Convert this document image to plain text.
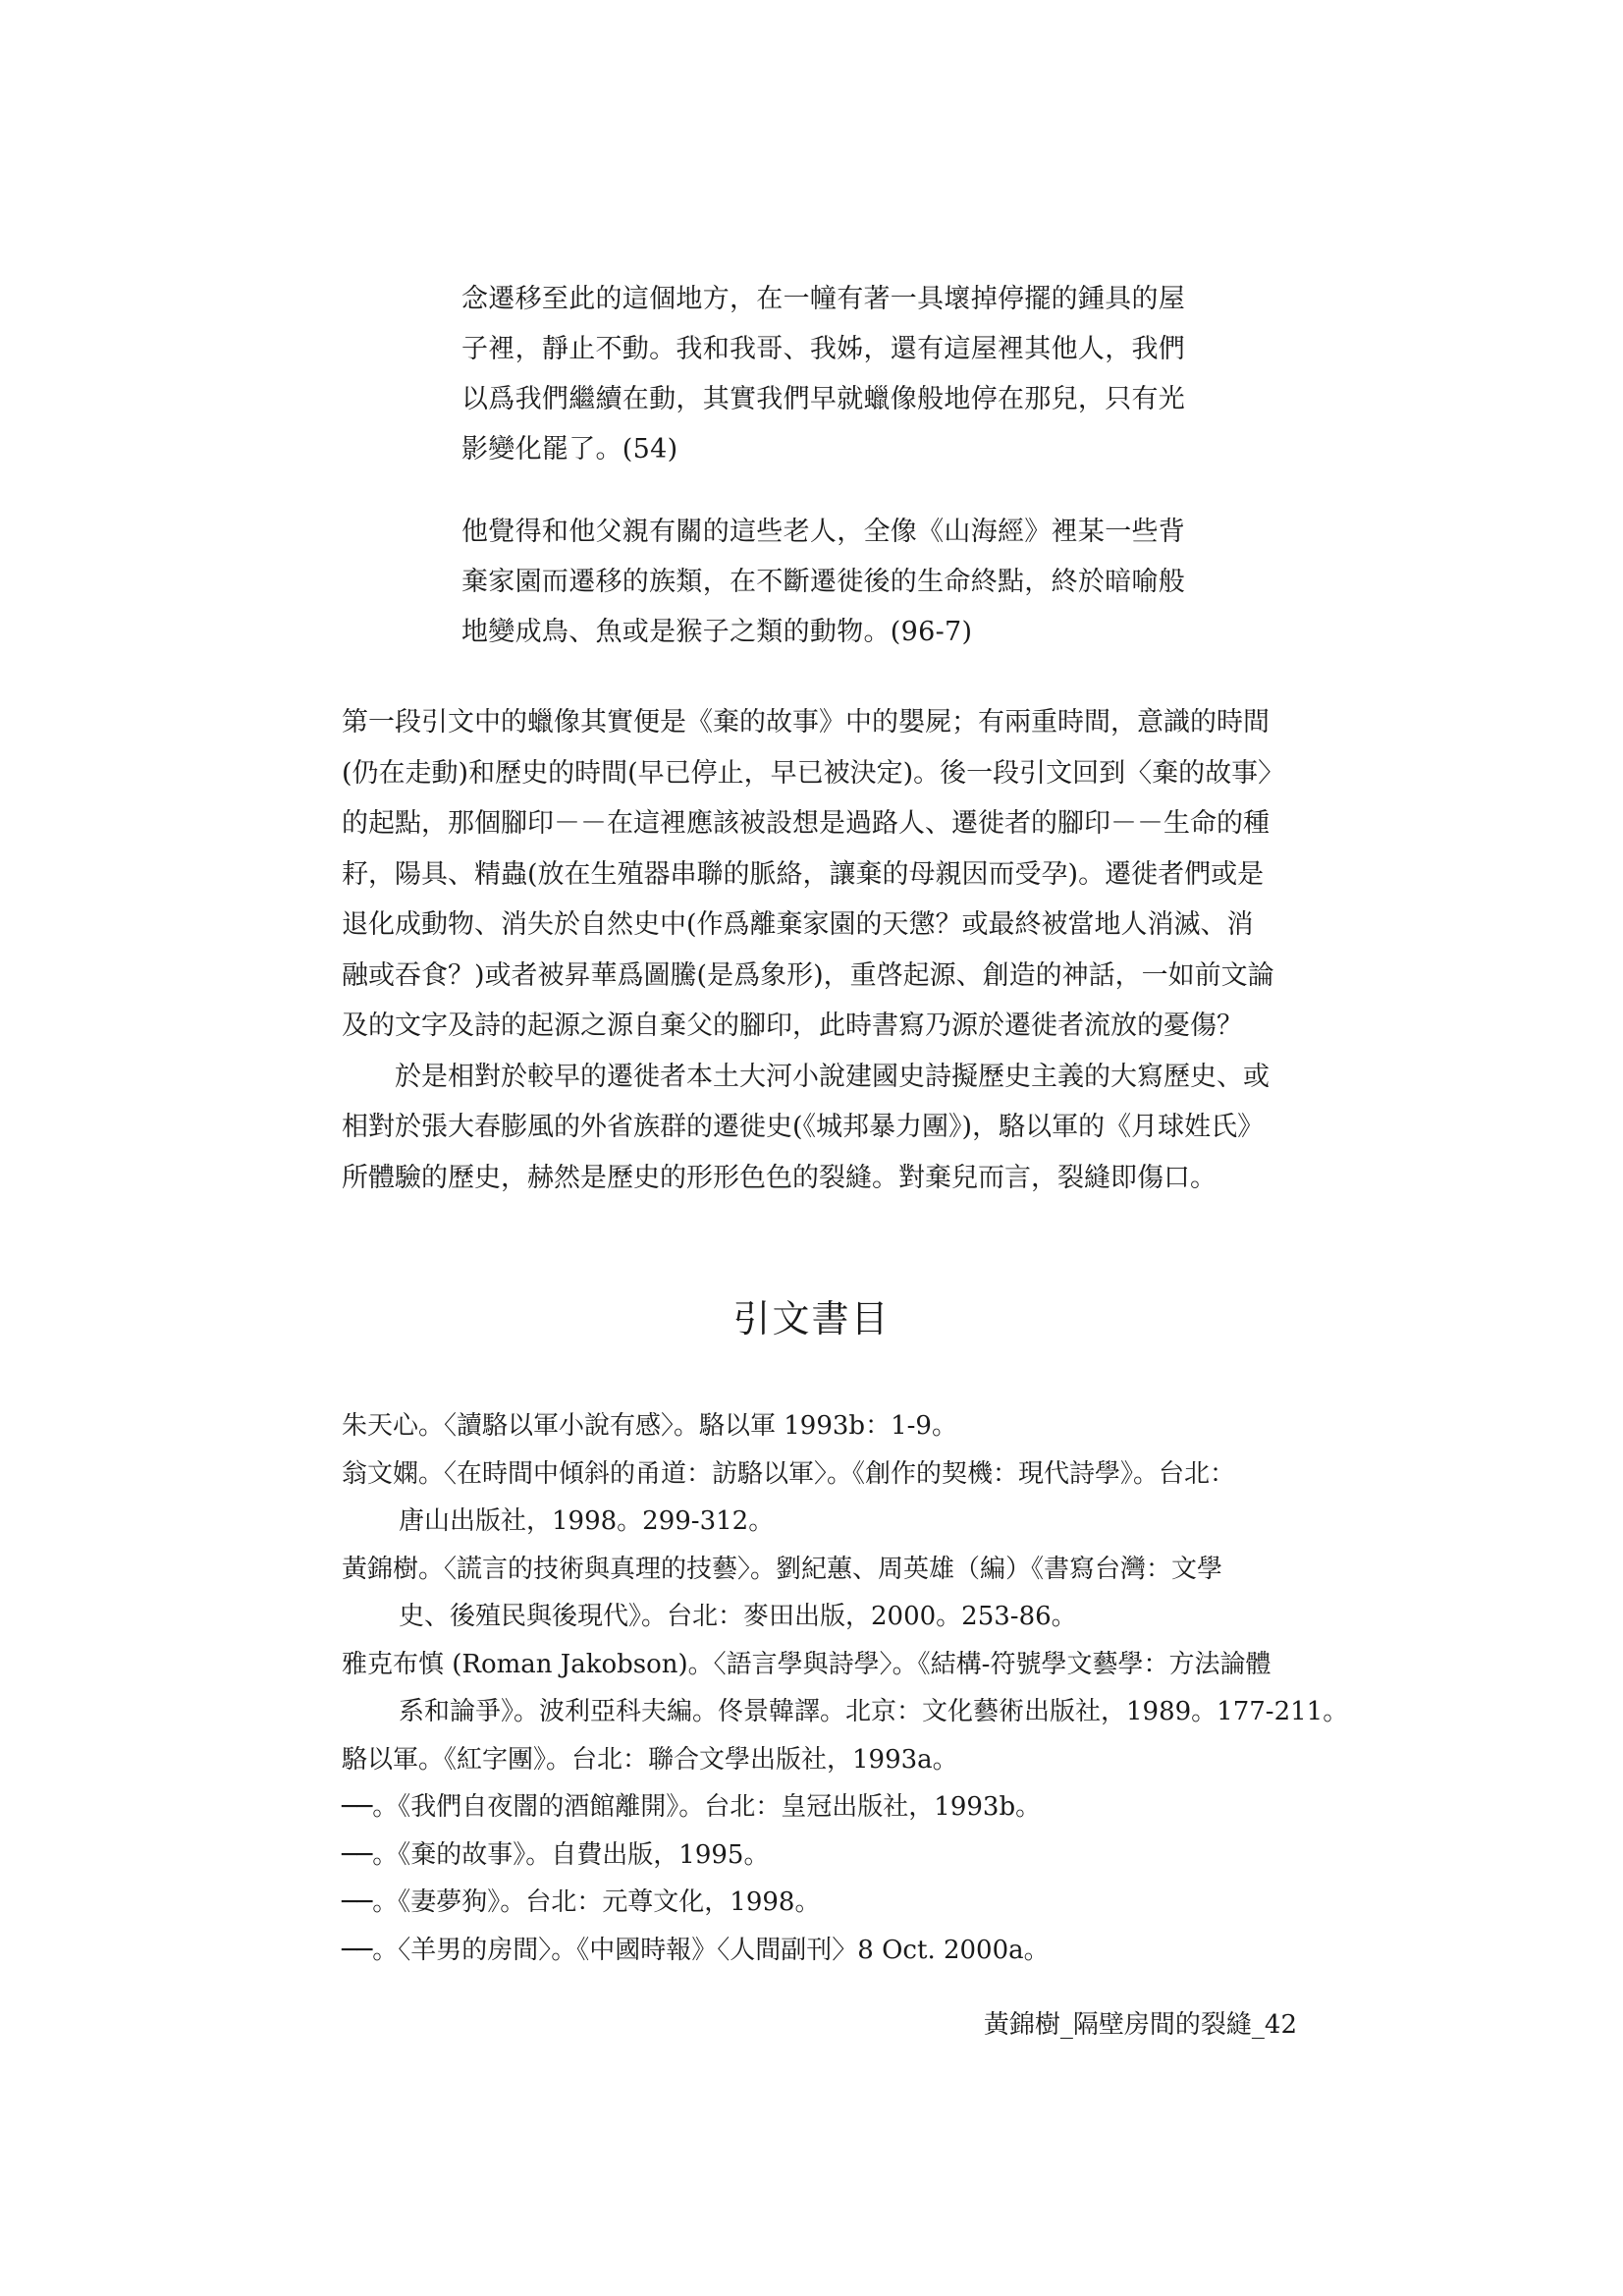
念遷移至此的這個地方，在一幢有著一具壞掉停擺的鍾具的屋

子裡，靜止不動。我和我哥、我姊，還有這屋裡其他人，我們

以爲我們繼續在動，其實我們早就蠟像般地停在那兒，只有光

影變化罷了。(54)

他覺得和他父親有關的這些老人，全像《山海經》裡某一些背

棄家園而遷移的族類，在不斷遷徙後的生命終點，終於暗喻般

地變成鳥、魚或是猴子之類的動物。(96-7)

第一段引文中的蠟像其實便是《棄的故事》中的嬰屍；有兩重時間，意識的時間
(仍在走動)和歷史的時間(早已停止，早已被決定)。後一段引文回到〈棄的故事〉
的起點，那個腳印－－在這裡應該被設想是過路人、遷徙者的腳印－－生命的種
耔，陽具、精蟲(放在生殖器串聯的脈絡，讓棄的母親因而受孕)。遷徙者們或是
退化成動物、消失於自然史中(作爲離棄家園的天懲？或最終被當地人消滅、消
融或吞食？)或者被昇華爲圖騰(是爲象形)，重啓起源、創造的神話，一如前文論
及的文字及詩的起源之源自棄父的腳印，此時書寫乃源於遷徙者流放的憂傷？
於是相對於較早的遷徙者本土大河小說建國史詩擬歷史主義的大寫歷史、或
相對於張大春膨風的外省族群的遷徙史(《城邦暴力團》)，駱以軍的《月球姓氏》
所體驗的歷史，赫然是歷史的形形色色的裂縫。對棄兒而言，裂縫即傷口。
引文書目
朱天心。〈讀駱以軍小說有感〉。駱以軍 1993b：1-9。
翁文嫻。〈在時間中傾斜的甬道：訪駱以軍〉。《創作的契機：現代詩學》。台北：
唐山出版社，1998。299-312。
黃錦樹。〈謊言的技術與真理的技藝〉。劉紀蕙、周英雄（編）《書寫台灣：文學
史、後殖民與後現代》。台北：麥田出版，2000。253-86。
雅克布慎 (Roman Jakobson)。〈語言學與詩學〉。《結構-符號學文藝學：方法論體
系和論爭》。波利亞科夫編。佟景韓譯。北京：文化藝術出版社，1989。177-211。
駱以軍。《紅字團》。台北：聯合文學出版社，1993a。
──。《我們自夜闇的酒館離開》。台北：皇冠出版社，1993b。
──。《棄的故事》。自費出版，1995。
──。《妻夢狗》。台北：元尊文化，1998。
──。〈羊男的房間〉。《中國時報》〈人間副刊〉8 Oct. 2000a。
黃錦樹_隔壁房間的裂縫_42
